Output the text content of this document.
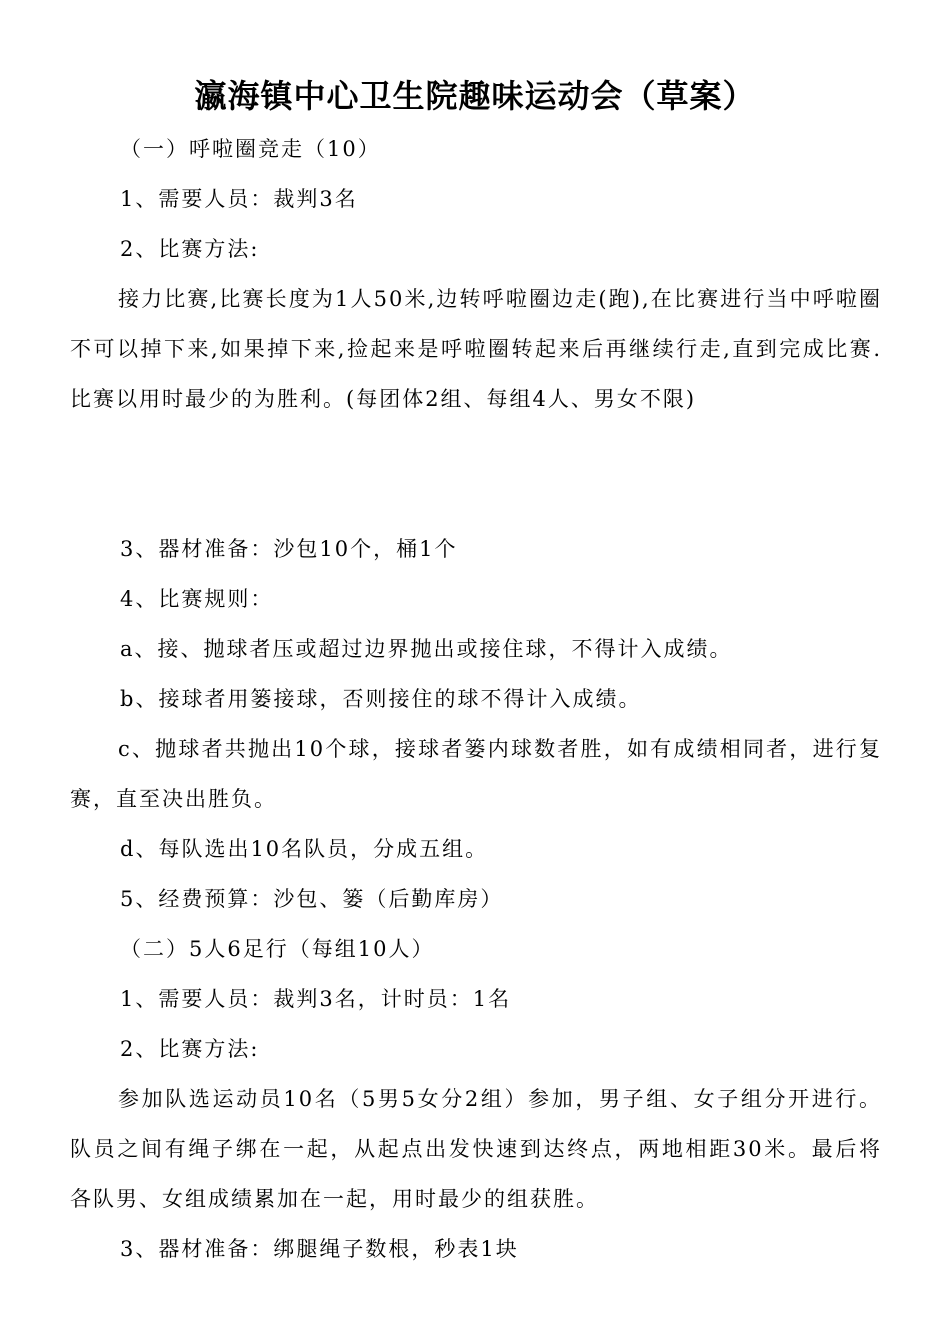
瀛海镇中心卫生院趣味运动会（草案）
（一）呼啦圈竞走（10）
1、需要人员：裁判3名
2、比赛方法:
接力比赛,比赛长度为1人50米,边转呼啦圈边走(跑),在比赛进行当中呼啦圈不可以掉下来,如果掉下来,捡起来是呼啦圈转起来后再继续行走,直到完成比赛.比赛以用时最少的为胜利。(每团体2组、每组4人、男女不限)
3、器材准备：沙包10个，桶1个
4、比赛规则：
a、接、抛球者压或超过边界抛出或接住球，不得计入成绩。
b、接球者用篓接球，否则接住的球不得计入成绩。
c、抛球者共抛出10个球，接球者篓内球数者胜，如有成绩相同者，进行复赛，直至决出胜负。
d、每队选出10名队员，分成五组。
5、经费预算：沙包、篓（后勤库房）
（二）5人6足行（每组10人）
1、需要人员：裁判3名，计时员：1名
2、比赛方法:
参加队选运动员10名（5男5女分2组）参加，男子组、女子组分开进行。队员之间有绳子绑在一起，从起点出发快速到达终点，两地相距30米。最后将各队男、女组成绩累加在一起，用时最少的组获胜。
3、器材准备：绑腿绳子数根，秒表1块
